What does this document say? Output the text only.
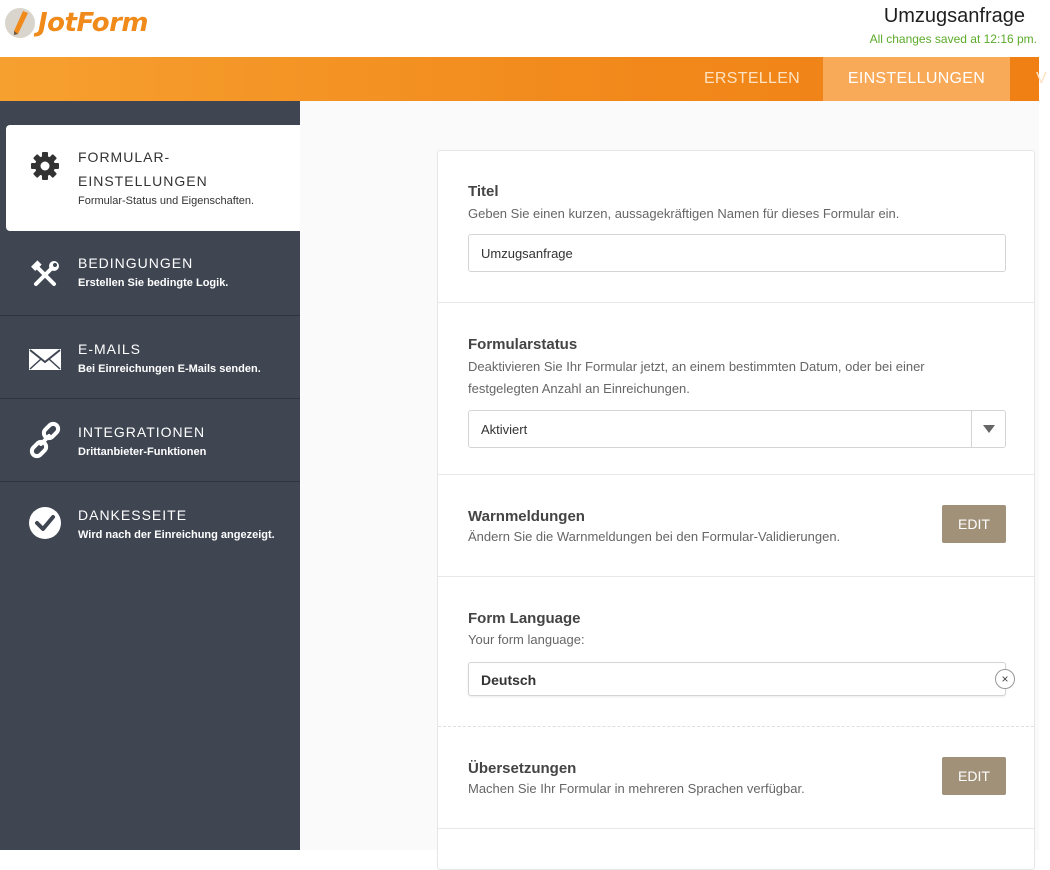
JotForm	Umzugsanfrage
All changes saved at 12:16 pm.
ERSTELLEN	EINSTELLUNGEN	V
FORMULAR-EINSTELLUNGEN
Formular-Status und Eigenschaften.
BEDINGUNGEN
Erstellen Sie bedingte Logik.
E-MAILS
Bei Einreichungen E-Mails senden.
INTEGRATIONEN
Drittanbieter-Funktionen
DANKESSEITE
Wird nach der Einreichung angezeigt.
Titel
Geben Sie einen kurzen, aussagekräftigen Namen für dieses Formular ein.
Umzugsanfrage
Formularstatus
Deaktivieren Sie Ihr Formular jetzt, an einem bestimmten Datum, oder bei einer festgelegten Anzahl an Einreichungen.
Aktiviert
Warnmeldungen
Ändern Sie die Warnmeldungen bei den Formular-Validierungen.
EDIT
Form Language
Your form language:
Deutsch	×
Übersetzungen
Machen Sie Ihr Formular in mehreren Sprachen verfügbar.
EDIT
